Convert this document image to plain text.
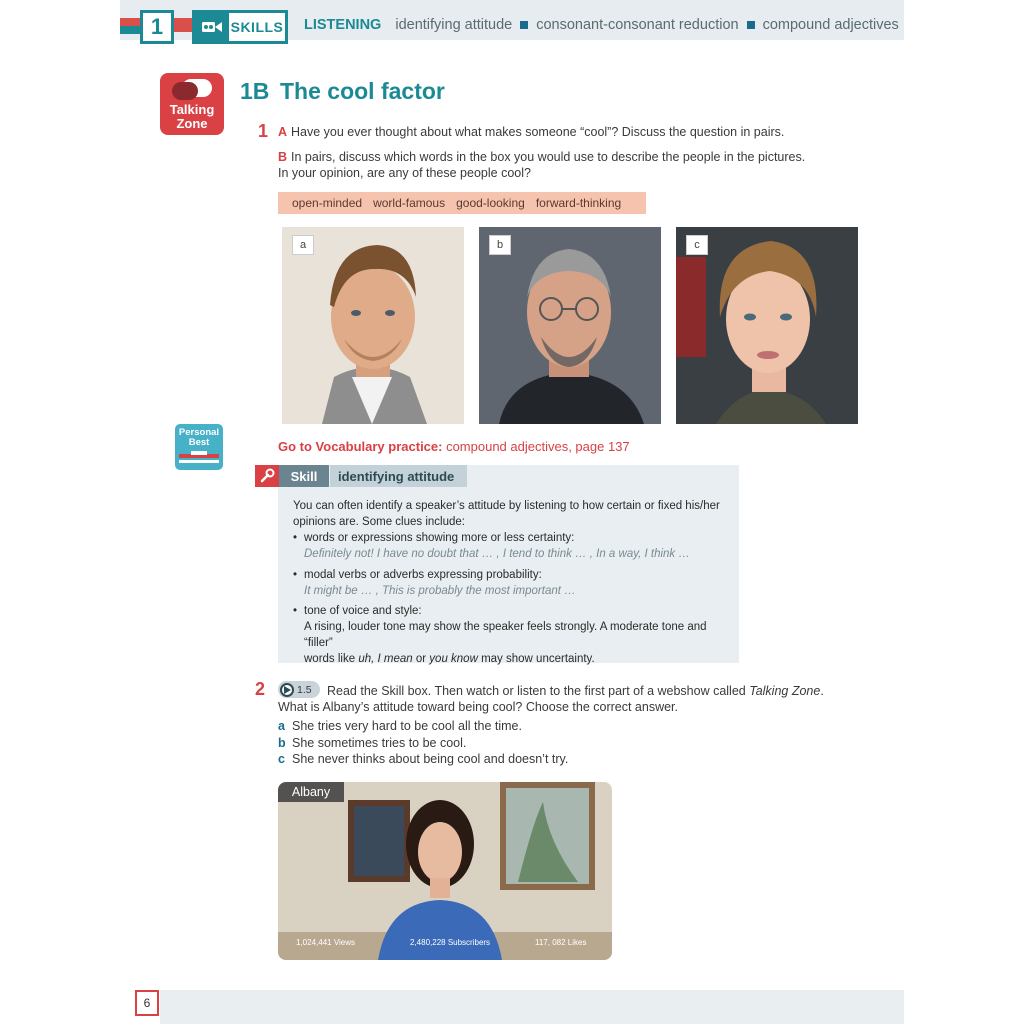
1	SKILLS LISTENING identifying attitude consonant-consonant reduction compound adjectives
Talking
Zone
1B The cool factor
1 A Have you ever thought about what makes someone “cool”? Discuss the question in pairs.
B In pairs, discuss which words in the box you would use to describe the people in the pictures.
In your opinion, are any of these people cool?
open-minded world-famous good-looking forward-thinking
a	b	c
Personal
Best	Go to Vocabulary practice: compound adjectives, page 137
Skill	identifying attitude
You can often identify a speaker’s attitude by listening to how certain or fixed his/her opinions are. Some clues include:
• words or expressions showing more or less certainty:
Definitely not! I have no doubt that … , I tend to think … , In a way, I think …
• modal verbs or adverbs expressing probability:
It might be … , This is probably the most important …
• tone of voice and style:
A rising, louder tone may show the speaker feels strongly. A moderate tone and “filler”
words like uh, I mean or you know may show uncertainty.
2	1.5 Read the Skill box. Then watch or listen to the first part of a webshow called Talking Zone.
What is Albany’s attitude toward being cool? Choose the correct answer.
a She tries very hard to be cool all the time.
b She sometimes tries to be cool.
c She never thinks about being cool and doesn’t try.
Albany
1,024,441 Views	2,480,228 Subscribers	117, 082 Likes
6
